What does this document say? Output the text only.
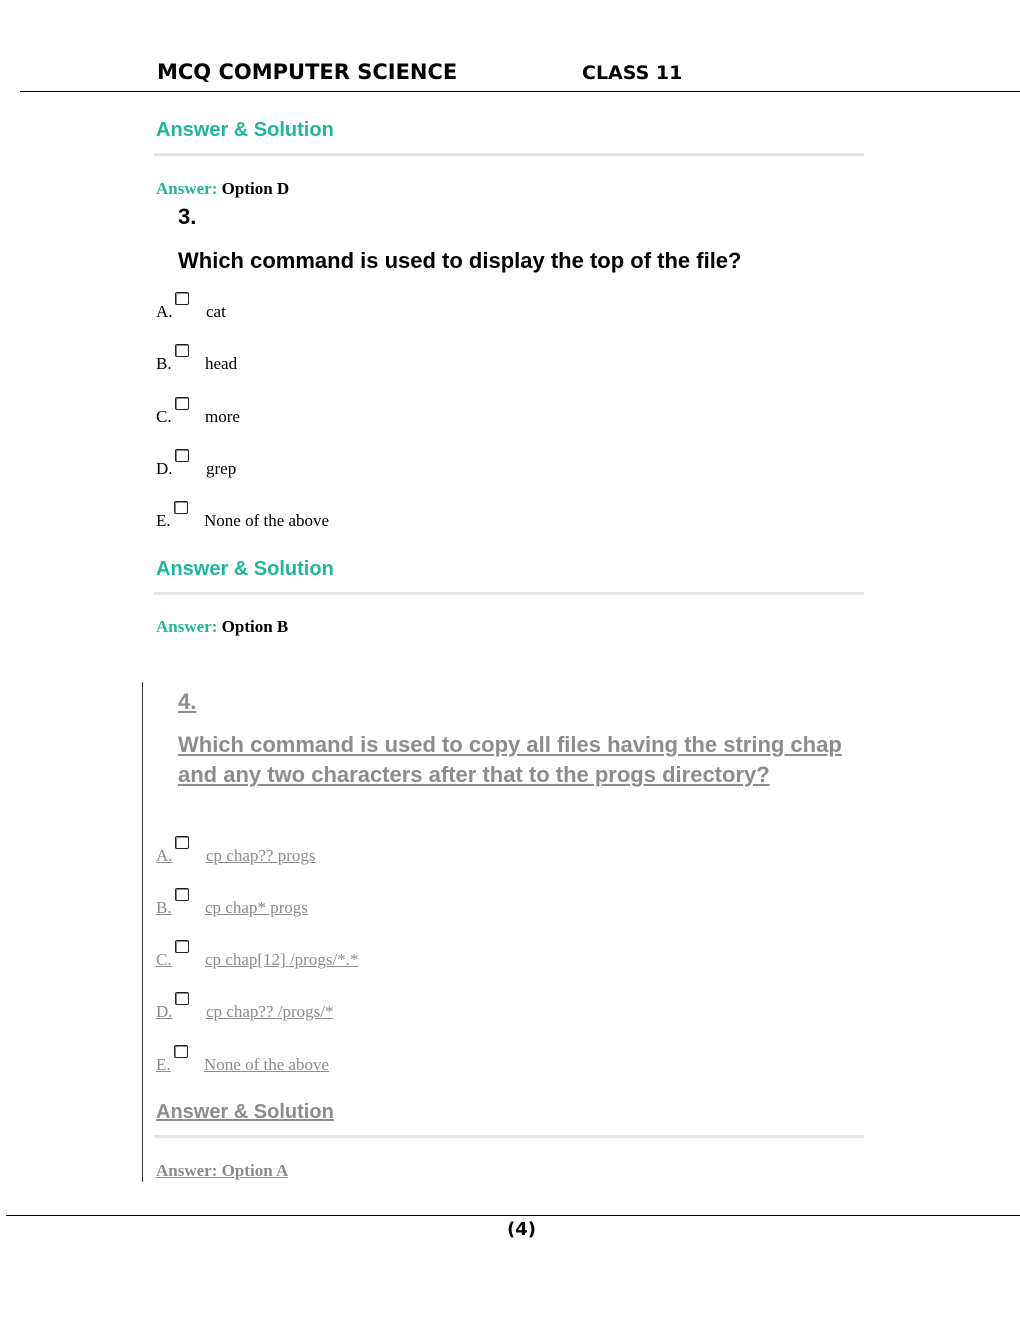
MCQ COMPUTER SCIENCE	CLASS 11
Answer & Solution
Answer: Option D
3.
Which command is used to display the top of the file?
A. cat
B. head
C. more
D. grep
E. None of the above
Answer & Solution
Answer: Option B
4.
Which command is used to copy all files having the string chap and any two characters after that to the progs directory?
A. cp chap?? progs
B. cp chap* progs
C. cp chap[12] /progs/*.*
D. cp chap?? /progs/*
E. None of the above
Answer & Solution
Answer: Option A
(4)
